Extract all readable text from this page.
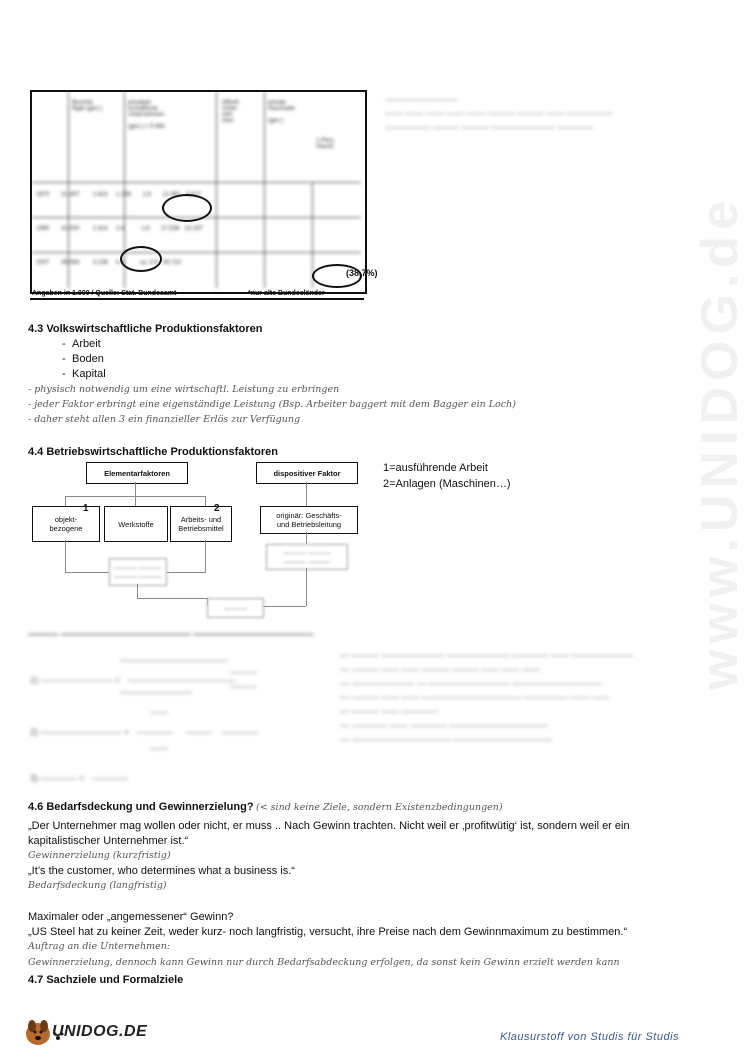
www.UNIDOG.de
Beschä-
ftigte (ges.)
privatwir-
tschaftliche
Unternehmen

(ges.) < 5 Mill.
öffentl.
Unter-
neh-
men
private
Haushalte

(ges.)
1-Pers.
Haush.
1970       21.457        1.615     1.258       2,5       21.991   5.527
1990       31.000        2.414     2.4          1,6       27.536   13.297
2007       36.064        3.138     k.A.        ca. 0,8   39.722
(38,7%)
Angaben in 1.000 / Quelle: Stat. Bundesamt	*nur alte Bundesländer
————————
—— —— —— —— —— ——— ——— —— —————
————— ——— ——— ——————— ————
4.3 Volkswirtschaftliche Produktionsfaktoren
- Arbeit
- Boden
- Kapital
- physisch notwendig um eine wirtschaftl. Leistung zu erbringen
- jeder Faktor erbringt eine eigenständige Leistung (Bsp. Arbeiter baggert mit dem Bagger ein Loch)
- daher steht allen 3 ein finanzieller Erlös zur Verfügung
4.4 Betriebswirtschaftliche Produktionsfaktoren
1=ausführende Arbeit
2=Anlagen (Maschinen…)
Elementarfaktoren	dispositiver Faktor
objekt-
bezogene
1
Werkstoffe	Arbeits- und
Betriebsmittel
2
originär: Geschäfts-
und Betriebsleitung
——— ———
——— ———
——— ———
——— ———
———
——— ————————————— ————————————
————————————
1) ———————— =   ————————————
———
———
————————
——
2) ————————— =   ————     ———    ————
——
3) ———— =   ————
— ——— ——————— ——————— ———— —— ———————
— ——— —— —— ——— ——— —— —— ——
— ——————— — ————————— ——————————
— ——— —— —— ——————————— ————— —— ——
— ——— —— ————
— ———— —— ———— ———————————
— ——————————— ———————————
4.6 Bedarfsdeckung und Gewinnerzielung? (< sind keine Ziele, sondern Existenzbedingungen)
„Der Unternehmer mag wollen oder nicht, er muss .. Nach Gewinn trachten. Nicht weil er ‚profitwütig‘ ist, sondern weil er ein
kapitalistischer Unternehmer ist.“
Gewinnerzielung (kurzfristig)
„It’s the customer, who determines what a business is.“
Bedarfsdeckung (langfristig)
Maximaler oder „angemessener“ Gewinn?
„US Steel hat zu keiner Zeit, weder kurz- noch langfristig, versucht, ihre Preise nach dem Gewinnmaximum zu bestimmen.“
Auftrag an die Unternehmen:
Gewinnerzielung, dennoch kann Gewinn nur durch Bedarfsabdeckung erfolgen, da sonst kein Gewinn erzielt werden kann
4.7 Sachziele und Formalziele
UNIDOG.DE	Klausurstoff von Studis für Studis
